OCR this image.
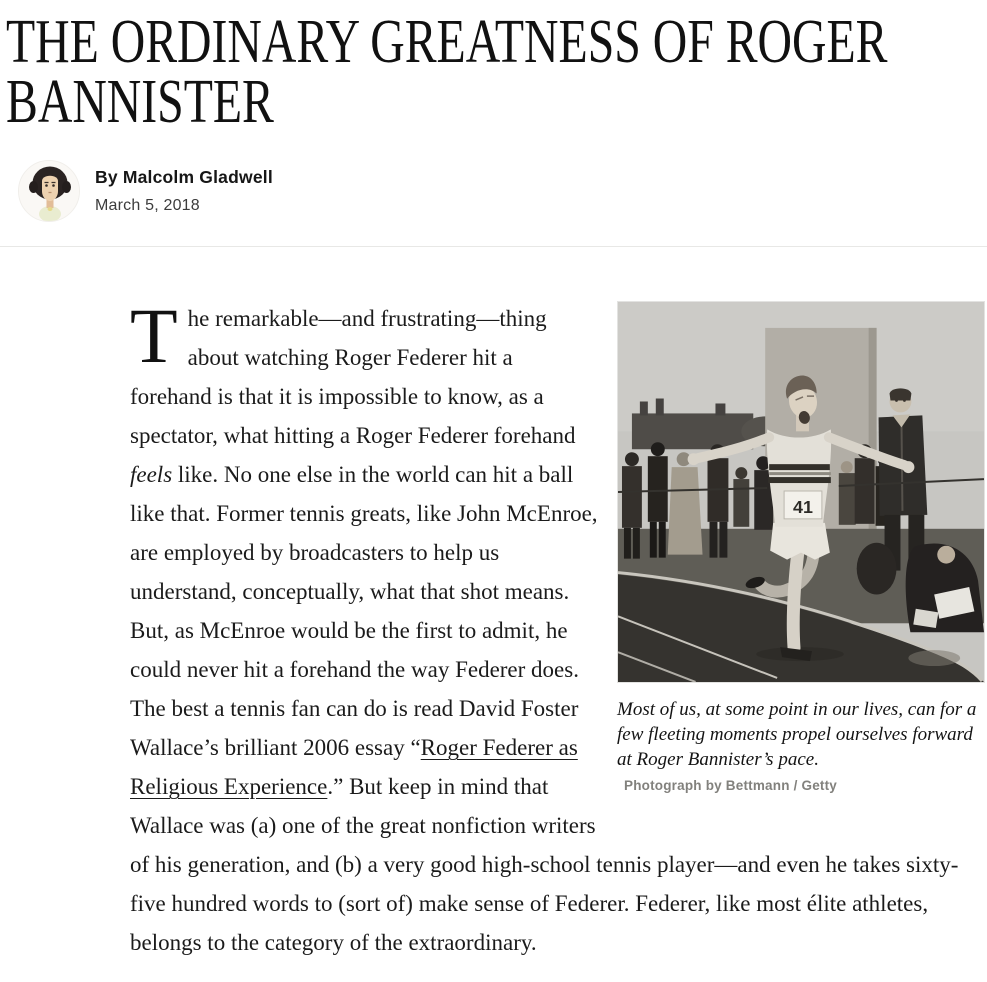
THE ORDINARY GREATNESS OF ROGER
BANNISTER
By Malcolm Gladwell
March 5, 2018
41
Most of us, at some point in our lives, can for a few fleeting moments propel ourselves forward at Roger Bannister’s pace. Photograph by Bettmann / Getty

The remarkable—and frustrating—thing about watching Roger Federer hit a forehand is that it is impossible to know, as a spectator, what hitting a Roger Federer forehand feels like. No one else in the world can hit a ball like that. Former tennis greats, like John McEnroe, are employed by broadcasters to help us understand, conceptually, what that shot means. But, as McEnroe would be the first to admit, he could never hit a forehand the way Federer does. The best a tennis fan can do is read David Foster Wallace’s brilliant 2006 essay “Roger Federer as Religious Experience.” But keep in mind that Wallace was (a) one of the great nonfiction writers of his generation, and (b) a very good high-school tennis player—and even he takes sixty-five hundred words to (sort of) make sense of Federer. Federer, like most élite athletes, belongs to the category of the extraordinary.
